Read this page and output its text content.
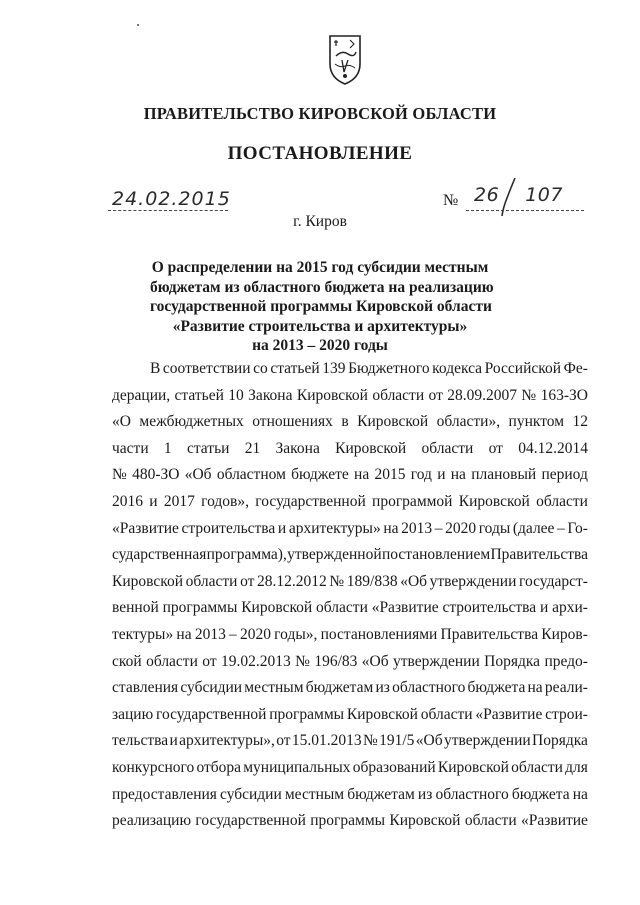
ПРАВИТЕЛЬСТВО КИРОВСКОЙ ОБЛАСТИ
ПОСТАНОВЛЕНИЕ
24.02.2015	№ 26 107
г. Киров
О распределении на 2015 год субсидии местным
бюджетам из областного бюджета на реализацию
государственной программы Кировской области
«Развитие строительства и архитектуры»
на 2013 – 2020 годы
В соответствии со статьей 139 Бюджетного кодекса Российской Фе-
дерации, статьей 10 Закона Кировской области от 28.09.2007 № 163-ЗО
«О межбюджетных отношениях в Кировской области», пунктом 12
части 1 статьи 21 Закона Кировской области от 04.12.2014
№ 480-ЗО «Об областном бюджете на 2015 год и на плановый период
2016 и 2017 годов», государственной программой Кировской области
«Развитие строительства и архитектуры» на 2013 – 2020 годы (далее – Го-
сударственная программа), утвержденной постановлением Правительства
Кировской области от 28.12.2012 № 189/838 «Об утверждении государст-
венной программы Кировской области «Развитие строительства и архи-
тектуры» на 2013 – 2020 годы», постановлениями Правительства Киров-
ской области от 19.02.2013 № 196/83 «Об утверждении Порядка предо-
ставления субсидии местным бюджетам из областного бюджета на реали-
зацию государственной программы Кировской области «Развитие строи-
тельства и архитектуры», от 15.01.2013 № 191/5 «Об утверждении Порядка
конкурсного отбора муниципальных образований Кировской области для
предоставления субсидии местным бюджетам из областного бюджета на
реализацию государственной программы Кировской области «Развитие
